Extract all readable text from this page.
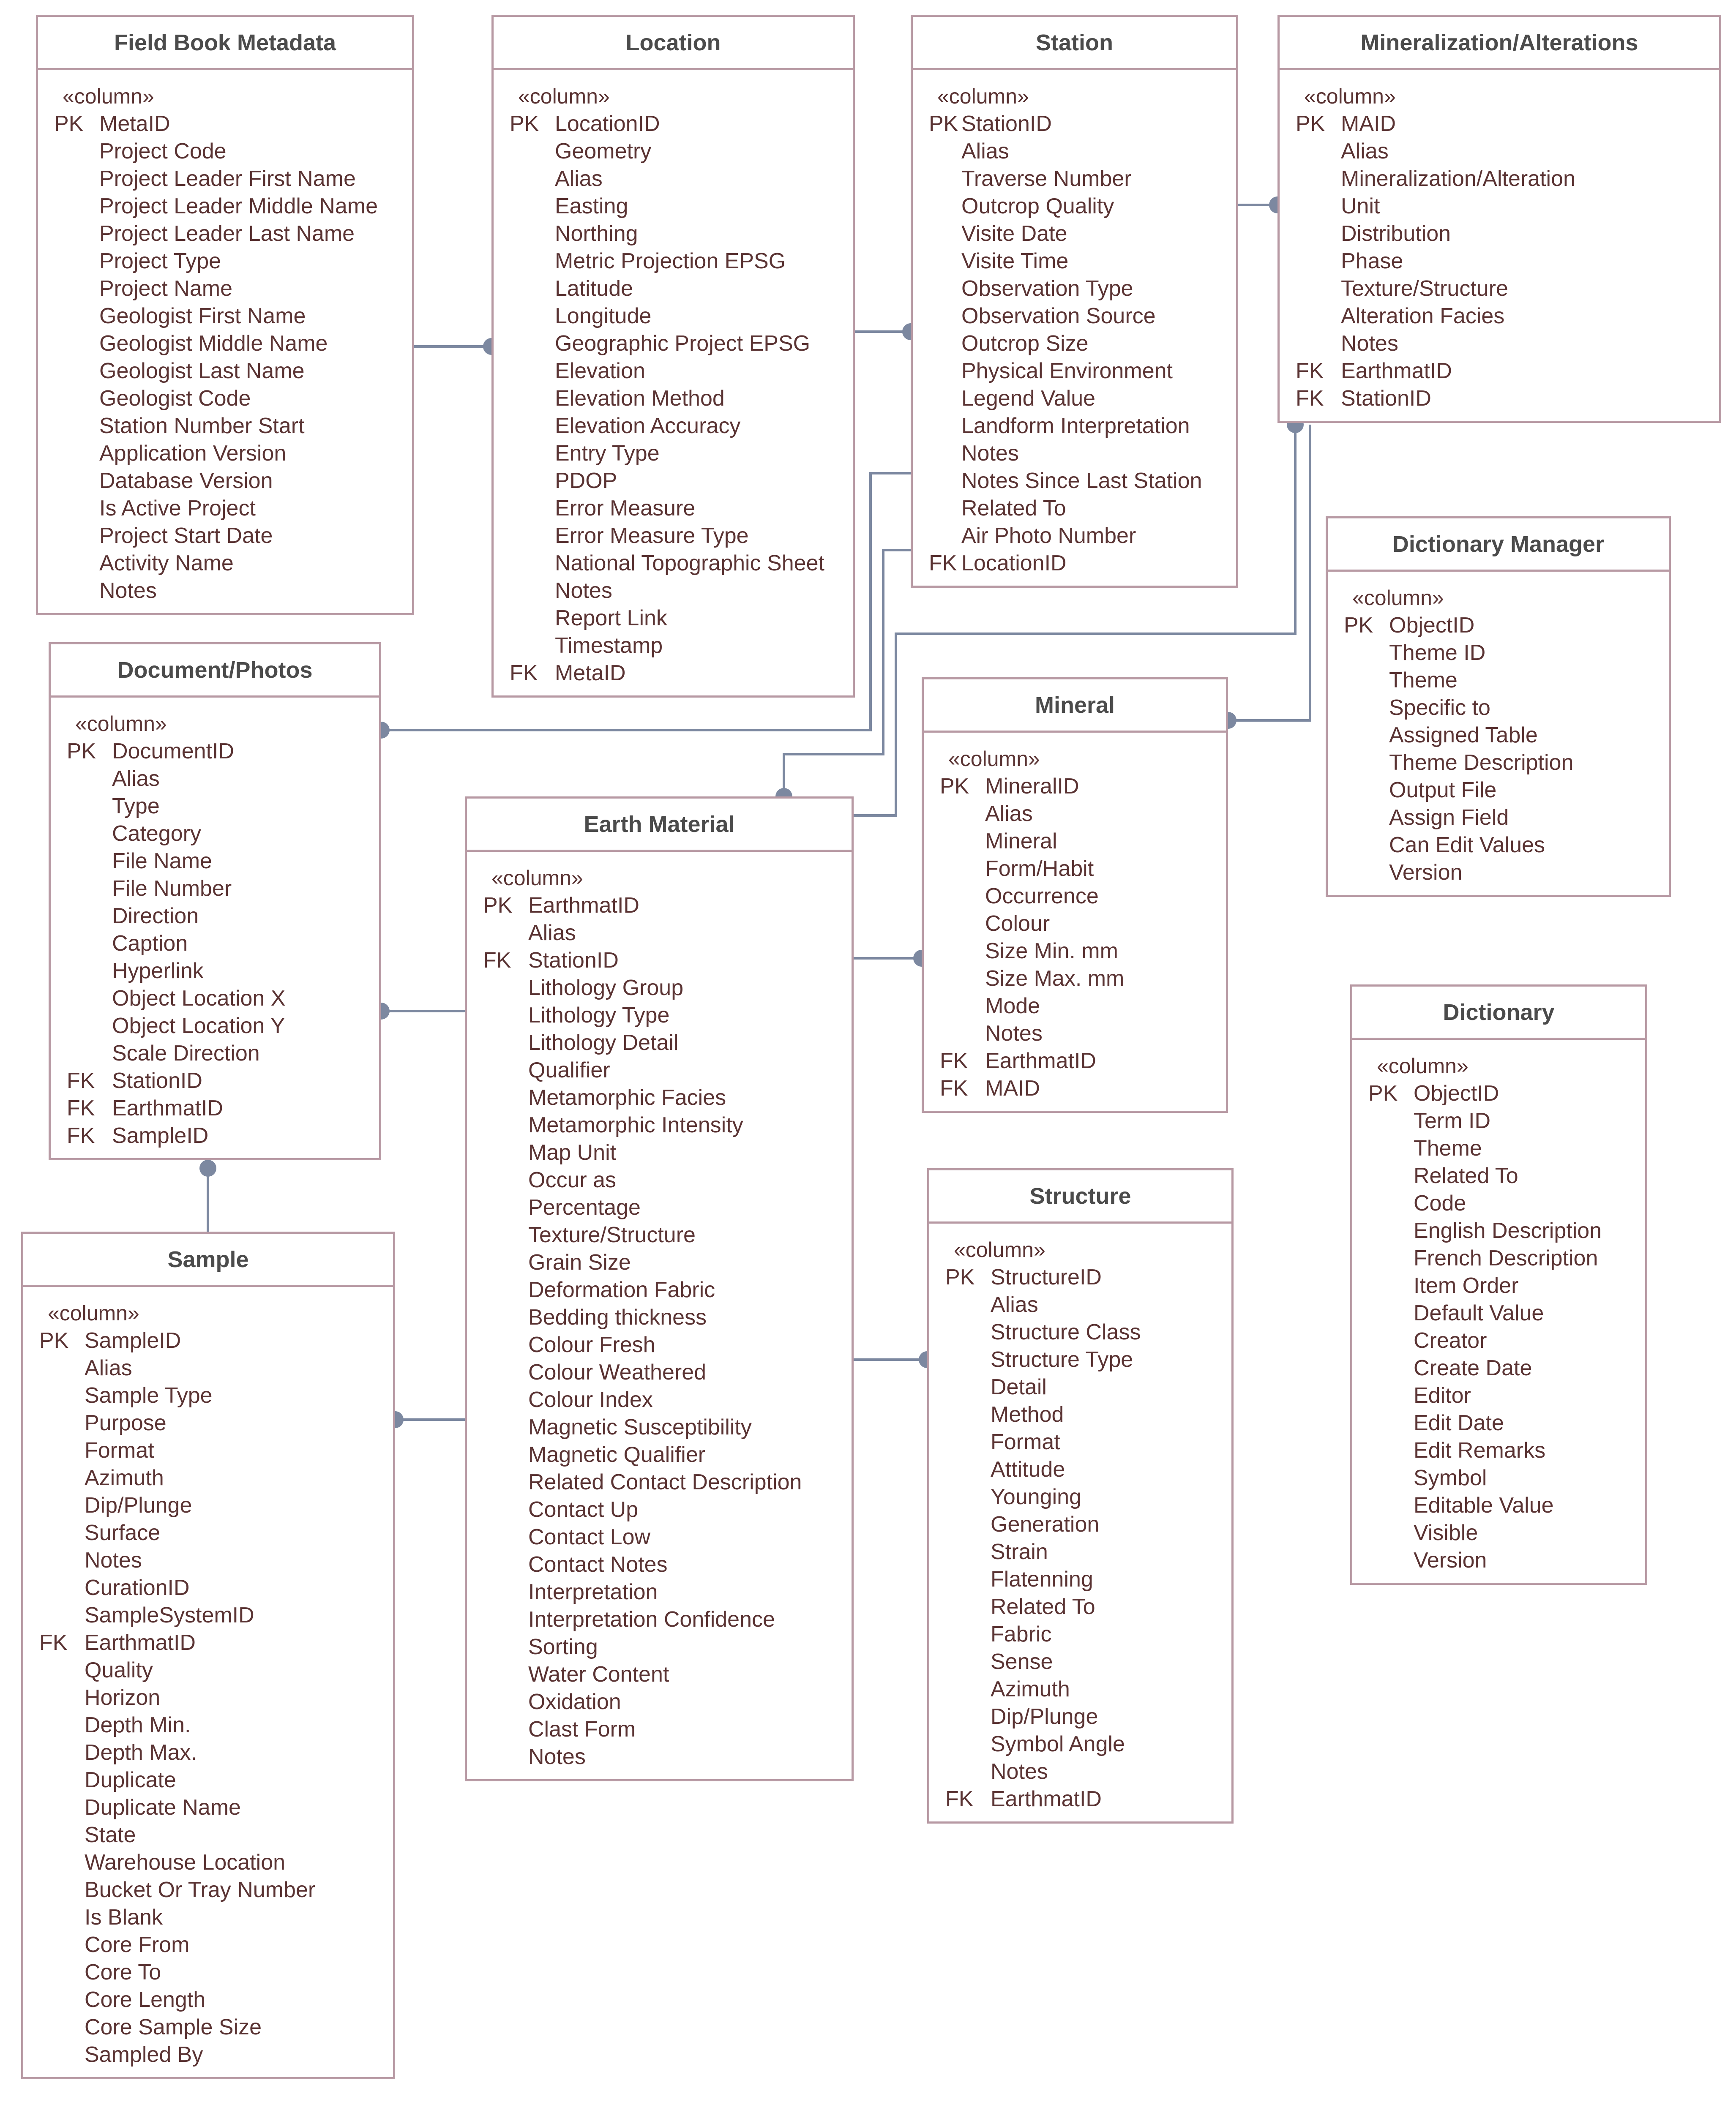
Field Book Metadata
«column»
PK MetaID
Project Code
Project Leader First Name
Project Leader Middle Name
Project Leader Last Name
Project Type
Project Name
Geologist First Name
Geologist Middle Name
Geologist Last Name
Geologist Code
Station Number Start
Application Version
Database Version
Is Active Project
Project Start Date
Activity Name
Notes
Location
«column»
PK LocationID
Geometry
Alias
Easting
Northing
Metric Projection EPSG
Latitude
Longitude
Geographic Project EPSG
Elevation
Elevation Method
Elevation Accuracy
Entry Type
PDOP
Error Measure
Error Measure Type
National Topographic Sheet
Notes
Report Link
Timestamp
FK MetaID
Station
«column»
PK StationID
Alias
Traverse Number
Outcrop Quality
Visite Date
Visite Time
Observation Type
Observation Source
Outcrop Size
Physical Environment
Legend Value
Landform Interpretation
Notes
Notes Since Last Station
Related To
Air Photo Number
FK LocationID
Mineralization/Alterations
«column»
PK MAID
Alias
Mineralization/Alteration
Unit
Distribution
Phase
Texture/Structure
Alteration Facies
Notes
FK EarthmatID
FK StationID
Dictionary Manager
«column»
PK ObjectID
Theme ID
Theme
Specific to
Assigned Table
Theme Description
Output File
Assign Field
Can Edit Values
Version
Document/Photos
«column»
PK DocumentID
Alias
Type
Category
File Name
File Number
Direction
Caption
Hyperlink
Object Location X
Object Location Y
Scale Direction
FK StationID
FK EarthmatID
FK SampleID
Mineral
«column»
PK MineralID
Alias
Mineral
Form/Habit
Occurrence
Colour
Size Min. mm
Size Max. mm
Mode
Notes
FK EarthmatID
FK MAID
Earth Material
«column»
PK EarthmatID
Alias
FK StationID
Lithology Group
Lithology Type
Lithology Detail
Qualifier
Metamorphic Facies
Metamorphic Intensity
Map Unit
Occur as
Percentage
Texture/Structure
Grain Size
Deformation Fabric
Bedding thickness
Colour Fresh
Colour Weathered
Colour Index
Magnetic Susceptibility
Magnetic Qualifier
Related Contact Description
Contact Up
Contact Low
Contact Notes
Interpretation
Interpretation Confidence
Sorting
Water Content
Oxidation
Clast Form
Notes
Dictionary
«column»
PK ObjectID
Term ID
Theme
Related To
Code
English Description
French Description
Item Order
Default Value
Creator
Create Date
Editor
Edit Date
Edit Remarks
Symbol
Editable Value
Visible
Version
Structure
«column»
PK StructureID
Alias
Structure Class
Structure Type
Detail
Method
Format
Attitude
Younging
Generation
Strain
Flatenning
Related To
Fabric
Sense
Azimuth
Dip/Plunge
Symbol Angle
Notes
FK EarthmatID
Sample
«column»
PK SampleID
Alias
Sample Type
Purpose
Format
Azimuth
Dip/Plunge
Surface
Notes
CurationID
SampleSystemID
FK EarthmatID
Quality
Horizon
Depth Min.
Depth Max.
Duplicate
Duplicate Name
State
Warehouse Location
Bucket Or Tray Number
Is Blank
Core From
Core To
Core Length
Core Sample Size
Sampled By
